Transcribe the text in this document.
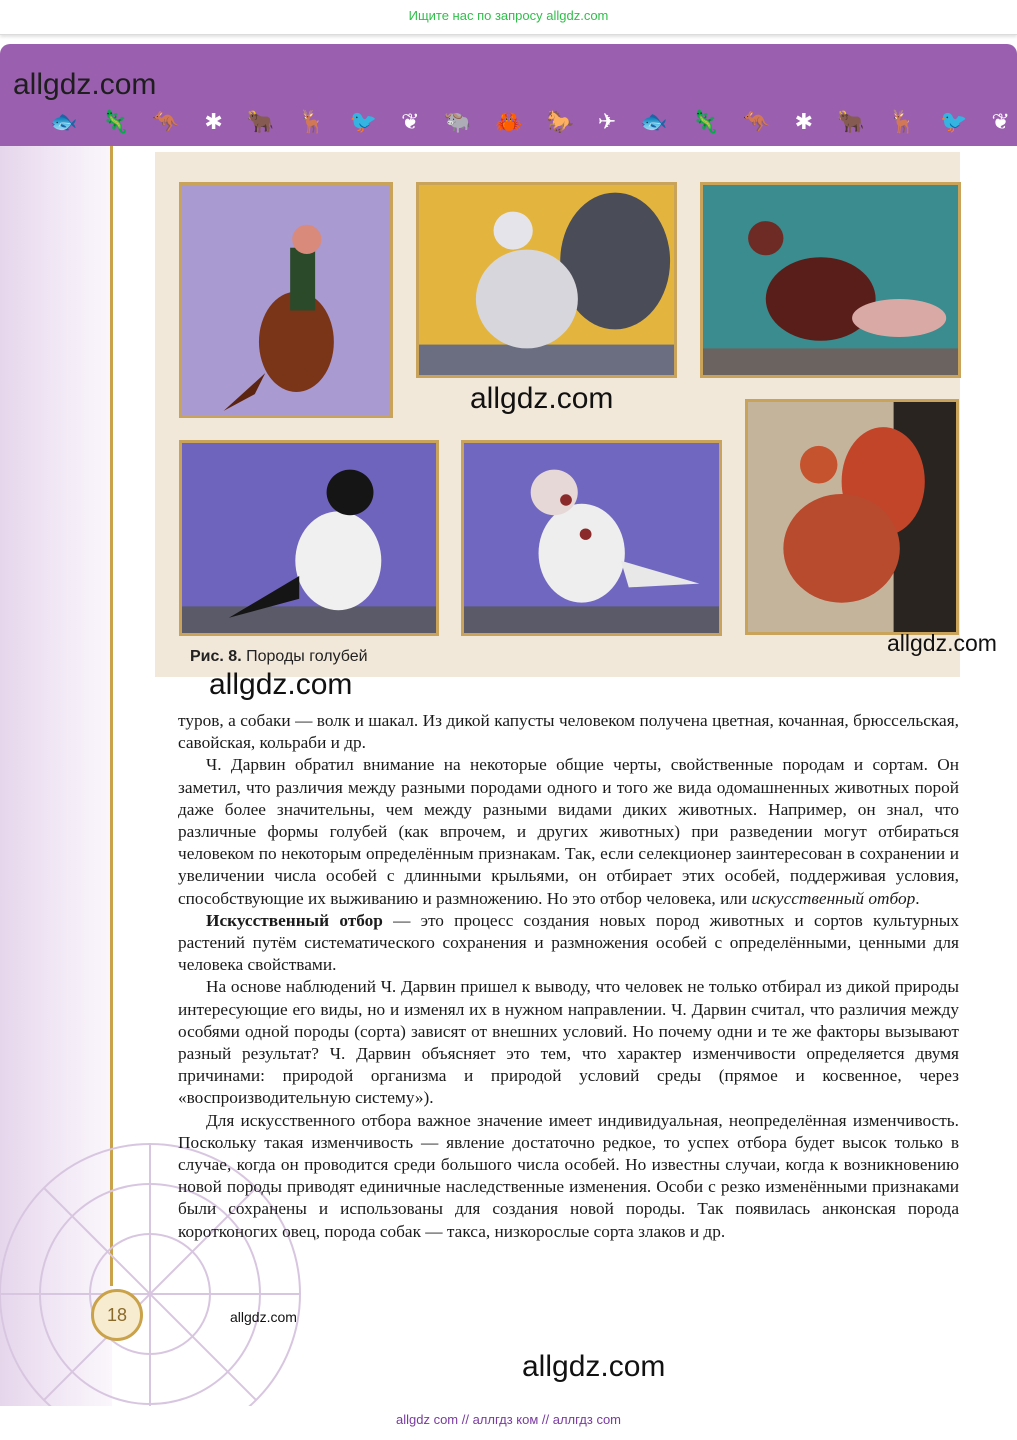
Ищите нас по запросу allgdz.com
allgdz.com
🐟 🦎 🦘 ✱ 🐂 🦌 🐦 ❦ 🐃 🦀 🐎 ✈ 🐟 🦎 🦘 ✱ 🐂 🦌 🐦 ❦
Рис. 8. Породы голубей
allgdz.com
allgdz.com
allgdz.com

туров, а собаки — волк и шакал. Из дикой капусты человеком получена цветная, кочанная, брюссельская, савойская, кольраби и др.

Ч. Дарвин обратил внимание на некоторые общие черты, свойственные породам и сортам. Он заметил, что различия между разными породами одного и того же вида одомашненных животных порой даже более значительны, чем между разными видами диких животных. Например, он знал, что различные формы голубей (как впрочем, и других животных) при разведении могут отбираться человеком по некоторым определённым признакам. Так, если селекционер заинтересован в сохранении и увеличении числа особей с длинными крыльями, он отбирает этих особей, поддерживая условия, способствующие их выживанию и размножению. Но это отбор человека, или искусственный отбор.

Искусственный отбор — это процесс создания новых пород животных и сортов культурных растений путём систематического сохранения и размножения особей с определёнными, ценными для человека свойствами.

На основе наблюдений Ч. Дарвин пришел к выводу, что человек не только отбирал из дикой природы интересующие его виды, но и изменял их в нужном направлении. Ч. Дарвин считал, что различия между особями одной породы (сорта) зависят от внешних условий. Но почему одни и те же факторы вызывают разный результат? Ч. Дарвин объясняет это тем, что характер изменчивости определяется двумя причинами: природой организма и природой условий среды (прямое и косвенное, через «воспроизводительную систему»).

Для искусственного отбора важное значение имеет индивидуальная, неопределённая изменчивость. Поскольку такая изменчивость — явление достаточно редкое, то успех отбора будет высок только в случае, когда он проводится среди большого числа особей. Но известны случаи, когда к возникновению новой породы приводят единичные наследственные изменения. Особи с резко изменёнными признаками были сохранены и использованы для создания новой породы. Так появилась анконская порода коротконогих овец, порода собак — такса, низкорослые сорта злаков и др.

18	allgdz.com
allgdz.com
allgdz com // аллгдз ком // аллгдз com
